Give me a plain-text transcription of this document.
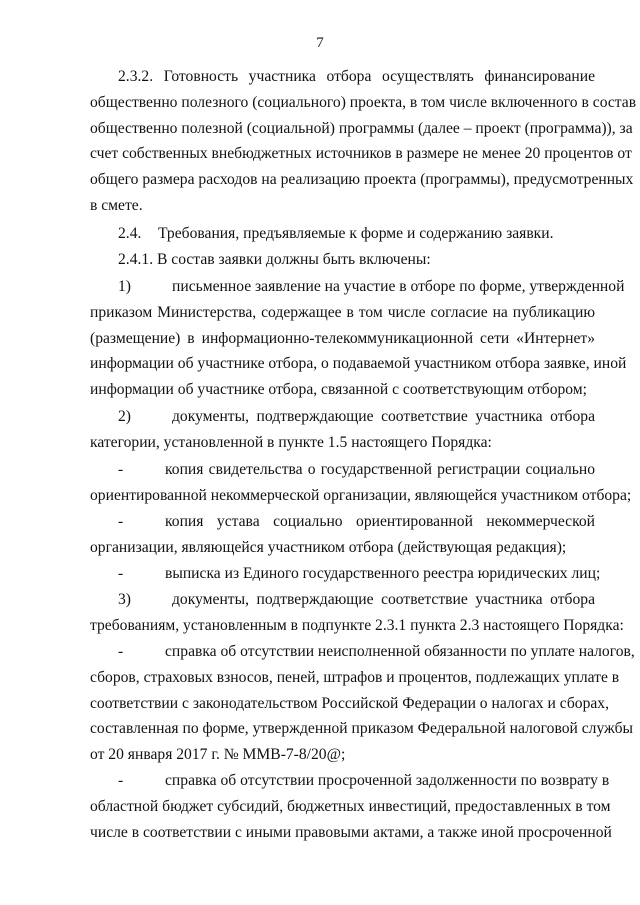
7
2.3.2. Готовность участника отбора осуществлять финансирование
общественно полезного (социального) проекта, в том числе включенного в состав
общественно полезной (социальной) программы (далее – проект (программа)), за
счет собственных внебюджетных источников в размере не менее 20 процентов от
общего размера расходов на реализацию проекта (программы), предусмотренных
в смете.
2.4. Требования, предъявляемые к форме и содержанию заявки.
2.4.1. В состав заявки должны быть включены:
1)	письменное заявление на участие в отборе по форме, утвержденной
приказом Министерства, содержащее в том числе согласие на публикацию
(размещение) в информационно-телекоммуникационной сети «Интернет»
информации об участнике отбора, о подаваемой участником отбора заявке, иной
информации об участнике отбора, связанной с соответствующим отбором;
2)	документы, подтверждающие соответствие участника отбора
категории, установленной в пункте 1.5 настоящего Порядка:
-	копия свидетельства о государственной регистрации социально
ориентированной некоммерческой организации, являющейся участником отбора;
-	копия устава социально ориентированной некоммерческой
организации, являющейся участником отбора (действующая редакция);
-	выписка из Единого государственного реестра юридических лиц;
3)	документы, подтверждающие соответствие участника отбора
требованиям, установленным в подпункте 2.3.1 пункта 2.3 настоящего Порядка:
-	справка об отсутствии неисполненной обязанности по уплате налогов,
сборов, страховых взносов, пеней, штрафов и процентов, подлежащих уплате в
соответствии с законодательством Российской Федерации о налогах и сборах,
составленная по форме, утвержденной приказом Федеральной налоговой службы
от 20 января 2017 г. № ММВ-7-8/20@;
-	справка об отсутствии просроченной задолженности по возврату в
областной бюджет субсидий, бюджетных инвестиций, предоставленных в том
числе в соответствии с иными правовыми актами, а также иной просроченной
